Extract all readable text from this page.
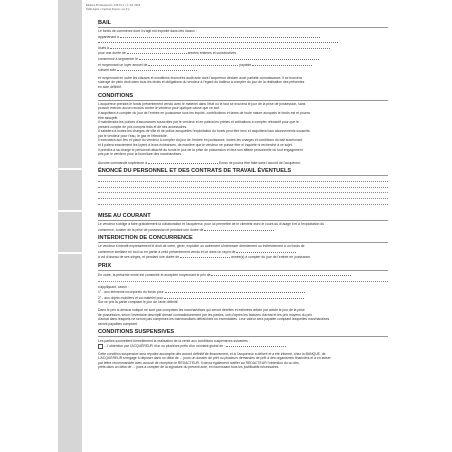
Editions Professionnel • 125.10.1 • © Juil. 2016
Taille Agent • Imprimé France • en.fr.p

BAIL

Le fonds de commerce dont il s'agit est exploité dans des locaux :

appartenant à

loués à

pour une durée de	années entières et consécutives

commencé à segmenter le

et moyennant un loyer annuel de	payable

suivant acte

et moyennant en outre les clauses et conditions énoncées audit acte dont l'acquéreur déclare avoir parfaite connaissance. Il se trouvera

subrogé de plein droit dans tous les droits et obligations du vendeur à l'égard du bailleur à compter du jour de la réalisation des présentes

en acte définitif.

CONDITIONS

L'acquéreur prendra le fonds présentement vendu avec le matériel dans l'état où le tout se trouvera le jour de la prise de possession, sans

pouvoir exercer aucun recours contre le vendeur pour quelque cause que ce soit.

Il acquittera à compter du jour de l'entrée en jouissance tous les impôts, contributions et taxes de toute nature auxquels le fonds est et pourra

être assujetti.

Il maintiendra les polices d'assurances souscrites par le vendeur et en paiera les primes et cotisations à compter rétroactif pour que le

présent compte de prix compris frais et de ses accessoires.

Il satisfera à toutes les charges de ville et de police auxquelles l'exploitation du fonds peut être tenu et acquittera tous abonnements souscrits

par le vendeur pour l'eau, le gaz et l'électricité.

Il exécutera aux lieu et place du vendeur à compter du jour de l'entrée en jouissance, toutes les charges et conditions du bail susénoncé,

et il paiera exactement les loyers à leurs échéances, de manière que le vendeur ne puisse être ni inquiété ni recherché à ce sujet.

Il prendra à sa charge le personnel attaché au fonds le jour de la prise de possession et fera son affaire personnelle du tout engagement

pris par le vendeur pour la fourniture des marchandises.

Aucune commande supérieure à	Euros ne pourra être faite sans l'accord de l'acquéreur.

ÉNONCÉ DU PERSONNEL ET DES CONTRATS DE TRAVAIL ÉVENTUELS

MISE AU COURANT

Le vendeur s'oblige à faire gratuitement la collaboration et l'acquéreur, pour lui permettre de le clientèle avec le cours du d'usage il et à l'exploitation du

commerce, à dater de la prise de possession et pendant une durée de

INTERDICTION DE CONCURRENCE

Le vendeur s'interdit expressément le droit de créer, gérer, exploiter ou autrement s'intéresser directement ou indirectement à un fonds de

commerce similaire en tout ou en partie à celui présentement vendu et ce dans un rayon de

à vol d'oiseau de ses sièges, et pendant une durée de	année(s) à compter du jour de l'entrée en jouissance.

PRIX

En outre, la présente vente est consentie et acceptée moyennant le prix de

s'appliquant, savoir :

1° - aux éléments incorporels du fonds pour

2° - aux objets mobiliers et au matériel pour

Sur ce prix la partie comptant le jour de l'acte définitif.

Dans le prix ci-dessus indiqué ne sont pas comprises les marchandises qui seront décrites et estimées article par article le jour de la prise

de possession, selon l'inventaire descriptif dressé contradictoirement par les parties, soit d'après les factures d'achat et les prix moyens du prix

d'achat dans lesquels ne seront pas comprises les marchandises défraîchies ou invendables. Leur valeur sera payable comptant lesquelles marchandises

seront payables comptant.

CONDITIONS SUSPENSIVES

Les parties soumettent formellement la réalisation de la vente aux conditions suspensives suivantes :

- L'obtention par l'ACQUÉREUR d'un ou plusieurs prêts d'un montant global de :

Cette condition suspensive sera réputée accomplie dès accord définitif de financement, et si l'acquéreur a délivré et a été informé, chez la BANQUE, de

L'ACQUÉREUR s'engage à déposer dans un délai de ... jours un dossier de prêt ou plusieurs demandes de prêt à des organismes financiers et à en aviser

par lettre recommandée avec accusé de réception le RÉDACTEUR. Il devra également notifier au RÉDACTEUR l'obtention du ou des

prêts dans un délai de ... jours à compter de la signature du présent acte, en fournissant tous les justificatifs nécessaires.
